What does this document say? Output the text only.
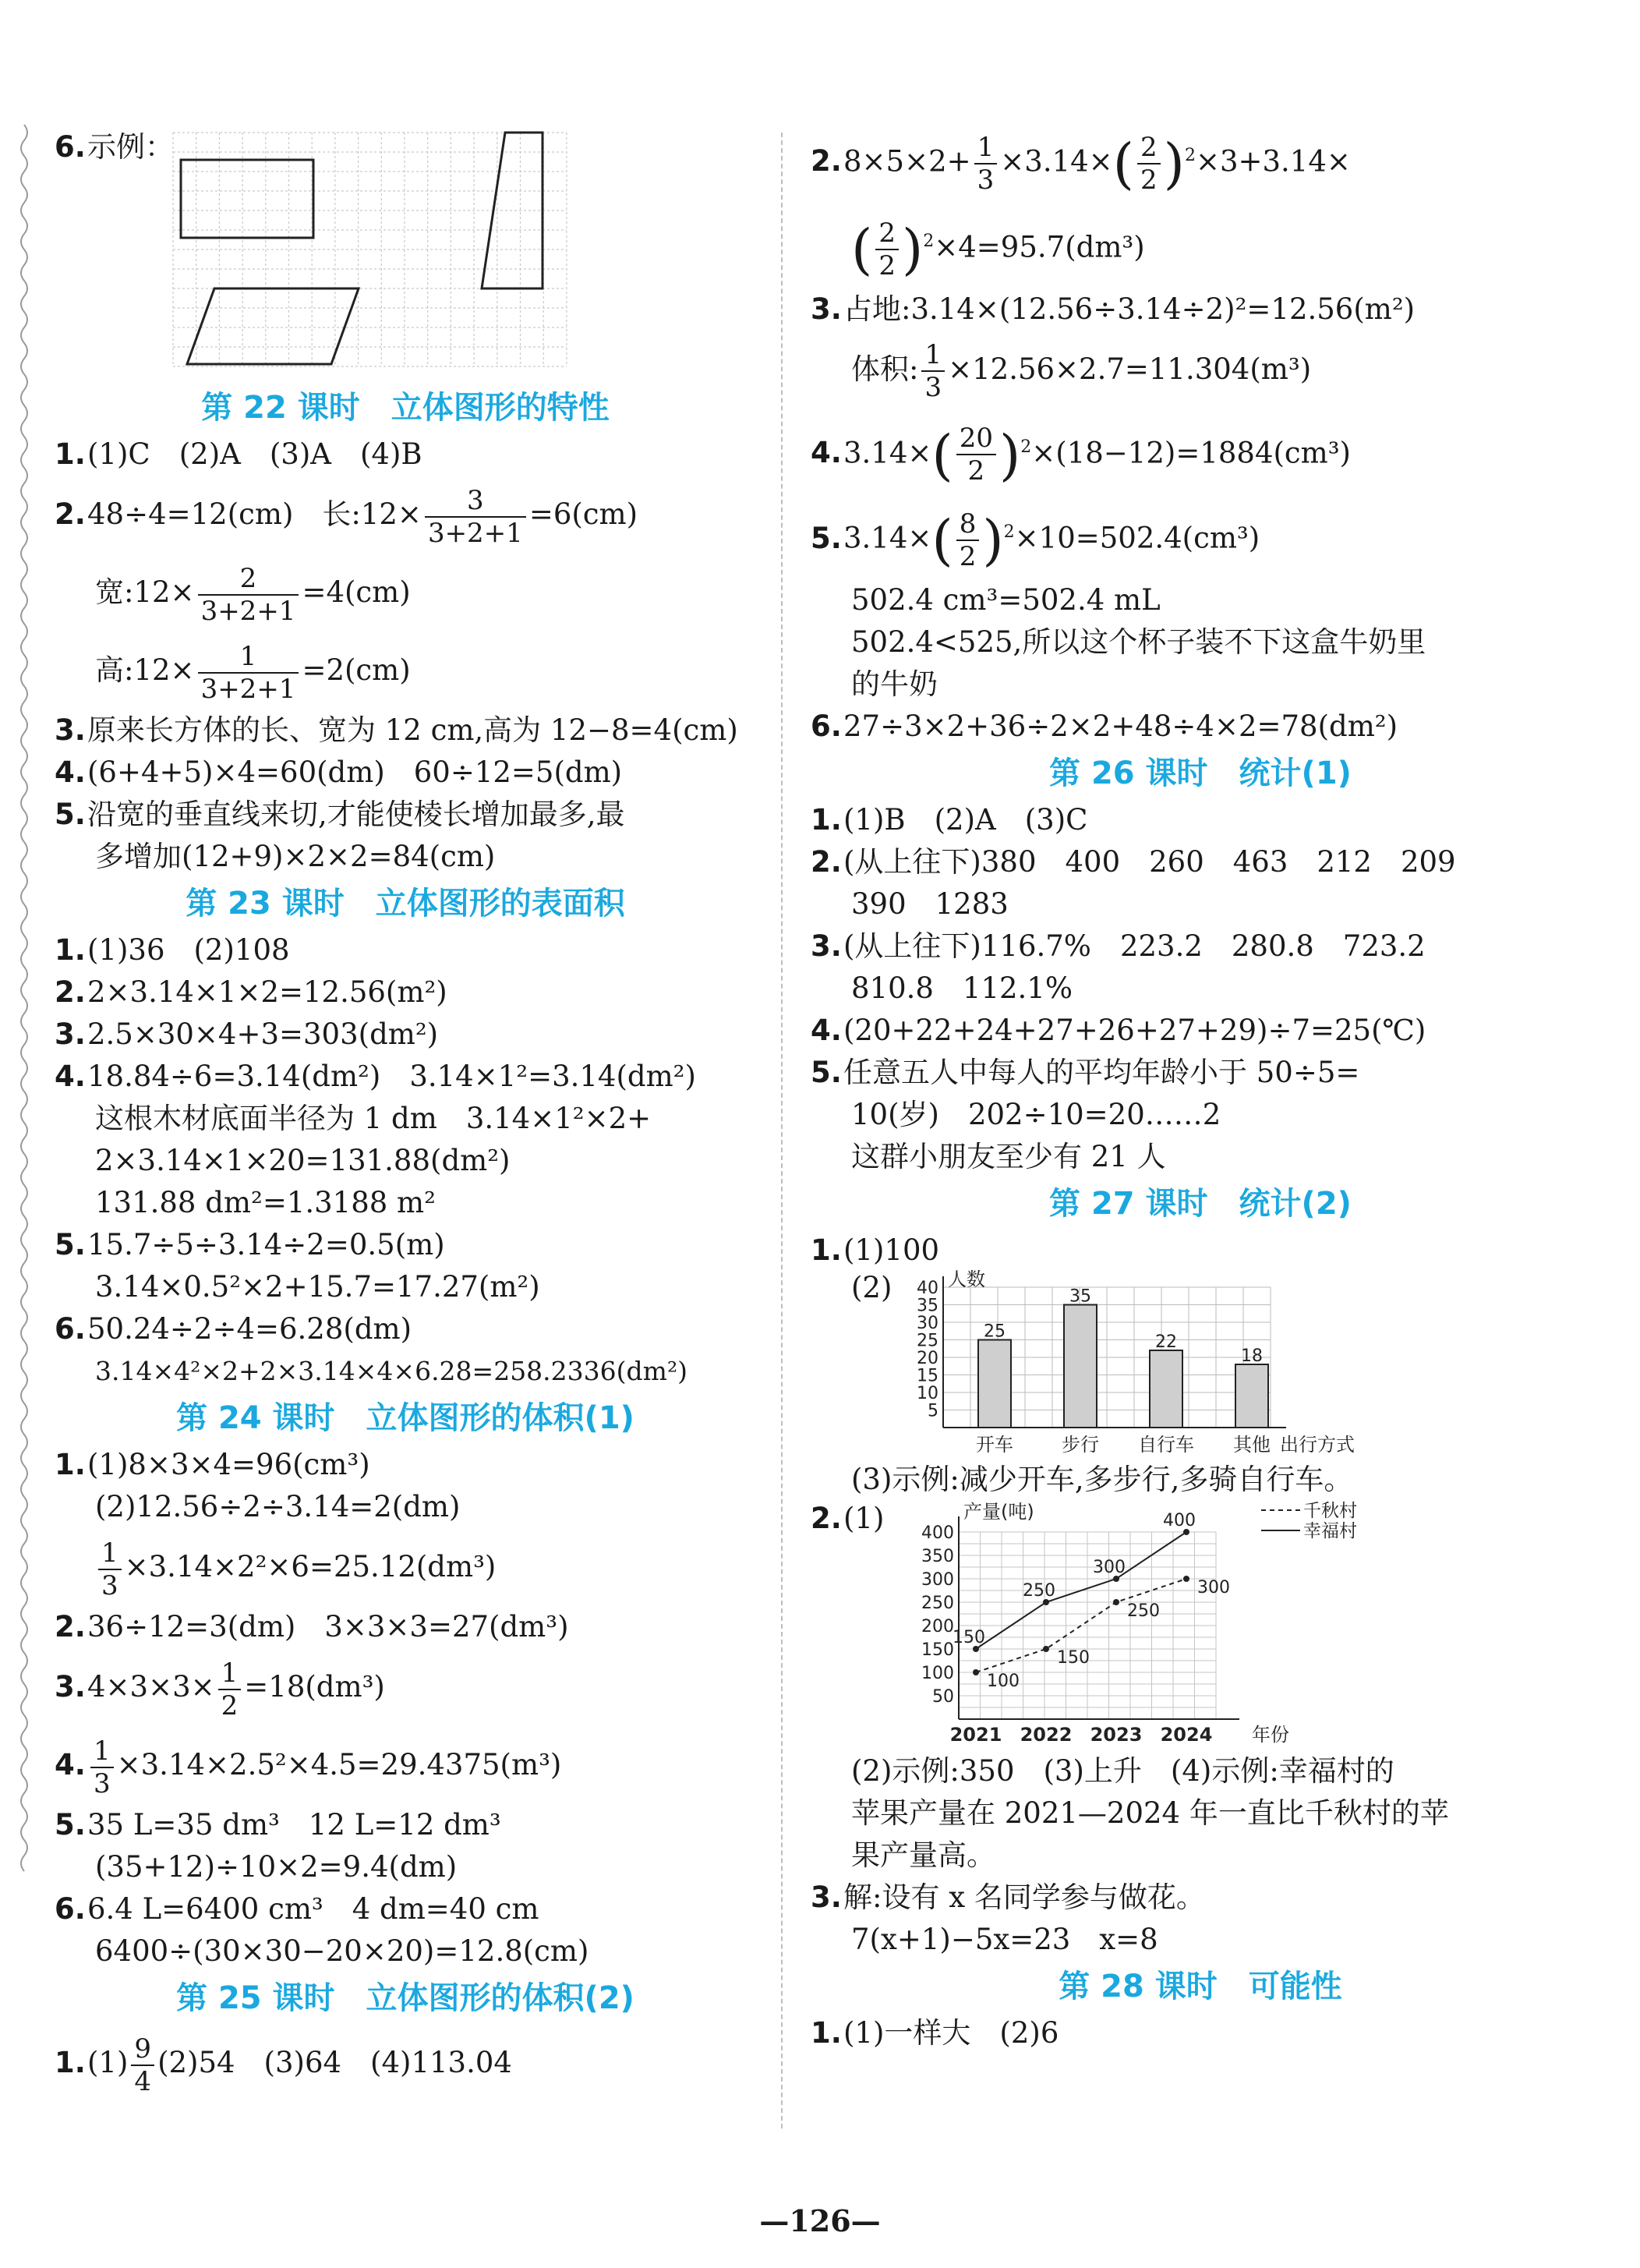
6.示例：
第 22 课时　立体图形的特性
1.(1)C　(2)A　(3)A　(4)B
2.48÷4=12(cm)　长:12× $\frac{3}{3+2+1} =6(cm)$
宽:12× $\frac{2}{3+2+1} =4(cm)$
高:12× $\frac{1}{3+2+1} =2(cm)$
3.原来长方体的长、宽为 12 cm,高为 12−8=4(cm)
4.(6+4+5)×4=60(dm)　60÷12=5(dm)
5.沿宽的垂直线来切,才能使棱长增加最多,最
多增加(12+9)×2×2=84(cm)
第 23 课时　立体图形的表面积
1.(1)36　(2)108
2.2×3.14×1×2=12.56(m²)
3.2.5×30×4+3=303(dm²)
4.18.84÷6=3.14(dm²)　3.14×1²=3.14(dm²)
这根木材底面半径为 1 dm　3.14×1²×2+
2×3.14×1×20=131.88(dm²)
131.88 dm²=1.3188 m²
5.15.7÷5÷3.14÷2=0.5(m)
3.14×0.5²×2+15.7=17.27(m²)
6.50.24÷2÷4=6.28(dm)
3.14×4²×2+2×3.14×4×6.28=258.2336(dm²)
第 24 课时　立体图形的体积(1)
1.(1)8×3×4=96(cm³)
(2)12.56÷2÷3.14=2(dm)
$\frac{1}{3} \times 3.14\times 2^2\times 6=25.12(dm^3)$
2.36÷12=3(dm)　3×3×3=27(dm³)
$3.4\times 3\times 3\times \frac{1}{2} =18(dm^3)$
4. $\frac{1}{3} \times 3.14\times 2.5^2\times 4.5=29.4375(m^3)$
5.35 L=35 dm³　12 L=12 dm³
(35+12)÷10×2=9.4(dm)
6.6.4 L=6400 cm³　4 dm=40 cm
6400÷(30×30−20×20)=12.8(cm)
第 25 课时　立体图形的体积(2)
$1.(1) \frac{9}{4} (2)54$　(3)64　(4)113.04
$2.8\times 5\times 2+ \frac{1}{3} \times 3.14\times( \frac{2}{2} )^2\times 3+3.14\times$
( $\frac{2}{2} )^2\times 4=95.7(dm^3)$
3.占地:3.14×(12.56÷3.14÷2)²=12.56(m²)
体积: $\frac{1}{3} \times 12.56\times 2.7=11.304(m^3)$
$4.3.14\times( \frac{20}{2} )^2\times(18-12)=1884(cm^3)$
$5.3.14\times( \frac{8}{2} )^2\times 10=502.4(cm^3)$
502.4 cm³=502.4 mL
502.4<525,所以这个杯子装不下这盒牛奶里
的牛奶
6.27÷3×2+36÷2×2+48÷4×2=78(dm²)
第 26 课时　统计(1)
1.(1)B　(2)A　(3)C
2.(从上往下)380　400　260　463　212　209
390　1283
3.(从上往下)116.7%　223.2　280.8　723.2
810.8　112.1%
4.(20+22+24+27+26+27+29)÷7=25(℃)
5.任意五人中每人的平均年龄小于 50÷5=
10(岁)　202÷10=20……2
这群小朋友至少有 21 人
第 27 课时　统计(2)
1.(1)100
(2)	人数
5
10
15
20
25
30
35
40
25
开车
35
步行
22
自行车
18
其他 出行方式
(3)示例:减少开车,多步行,多骑自行车。
2.(1)	产量(吨)
50
100
150
200
250
300
350
400
2021 2022 2023 2024 年份
100
150
250
300
千秋村
150
250
300
400
幸福村
(2)示例:350　(3)上升　(4)示例:幸福村的
苹果产量在 2021—2024 年一直比千秋村的苹
果产量高。
3.解:设有 x 名同学参与做花。
7(x+1)−5x=23　x=8
第 28 课时　可能性
1.(1)一样大　(2)6
—126—
